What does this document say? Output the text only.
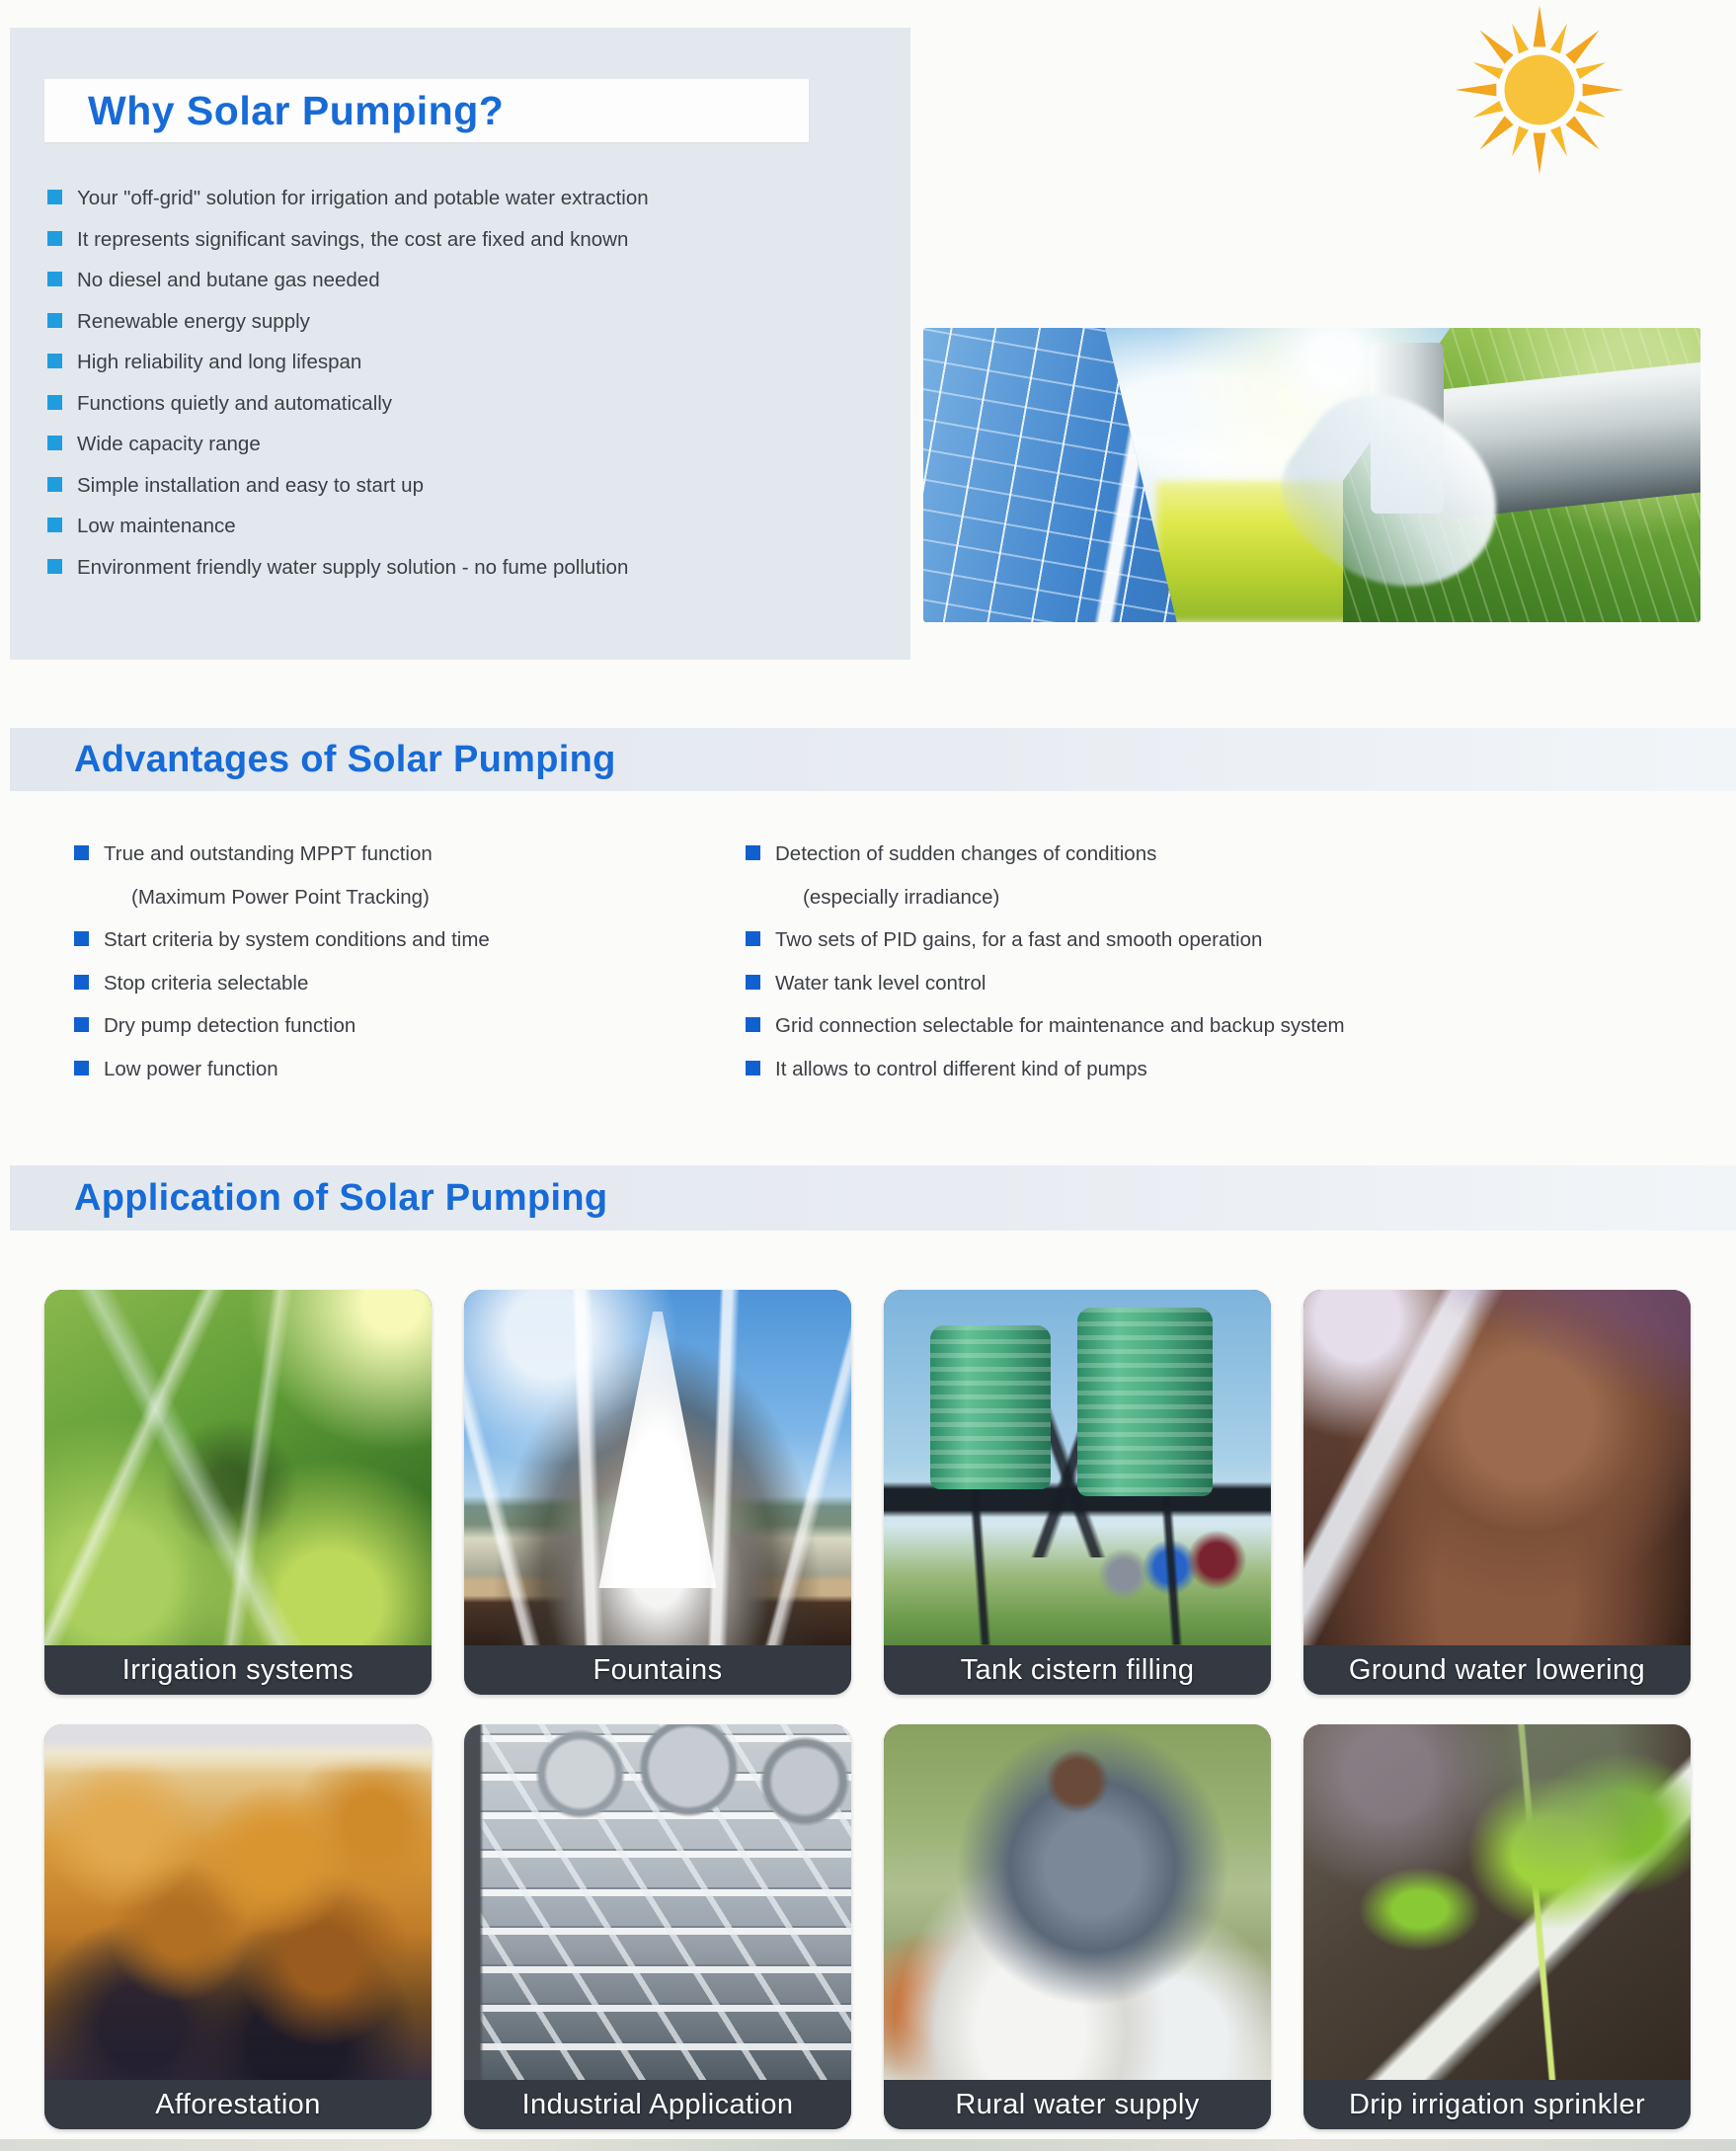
Why Solar Pumping?
Your "off-grid" solution for irrigation and potable water extraction
It represents significant savings, the cost are fixed and known
No diesel and butane gas needed
Renewable energy supply
High reliability and long lifespan
Functions quietly and automatically
Wide capacity range
Simple installation and easy to start up
Low maintenance
Environment friendly water supply solution - no fume pollution
Advantages of Solar Pumping
True and outstanding MPPT function
(Maximum Power Point Tracking)
Start criteria by system conditions and time
Stop criteria selectable
Dry pump detection function
Low power function
Detection of sudden changes of conditions
(especially irradiance)
Two sets of PID gains, for a fast and smooth operation
Water tank level control
Grid connection selectable for maintenance and backup system
It allows to control different kind of pumps
Application of Solar Pumping
Irrigation systems	Fountains	Tank cistern filling	Ground water lowering
Afforestation	Industrial Application	Rural water supply	Drip irrigation sprinkler
